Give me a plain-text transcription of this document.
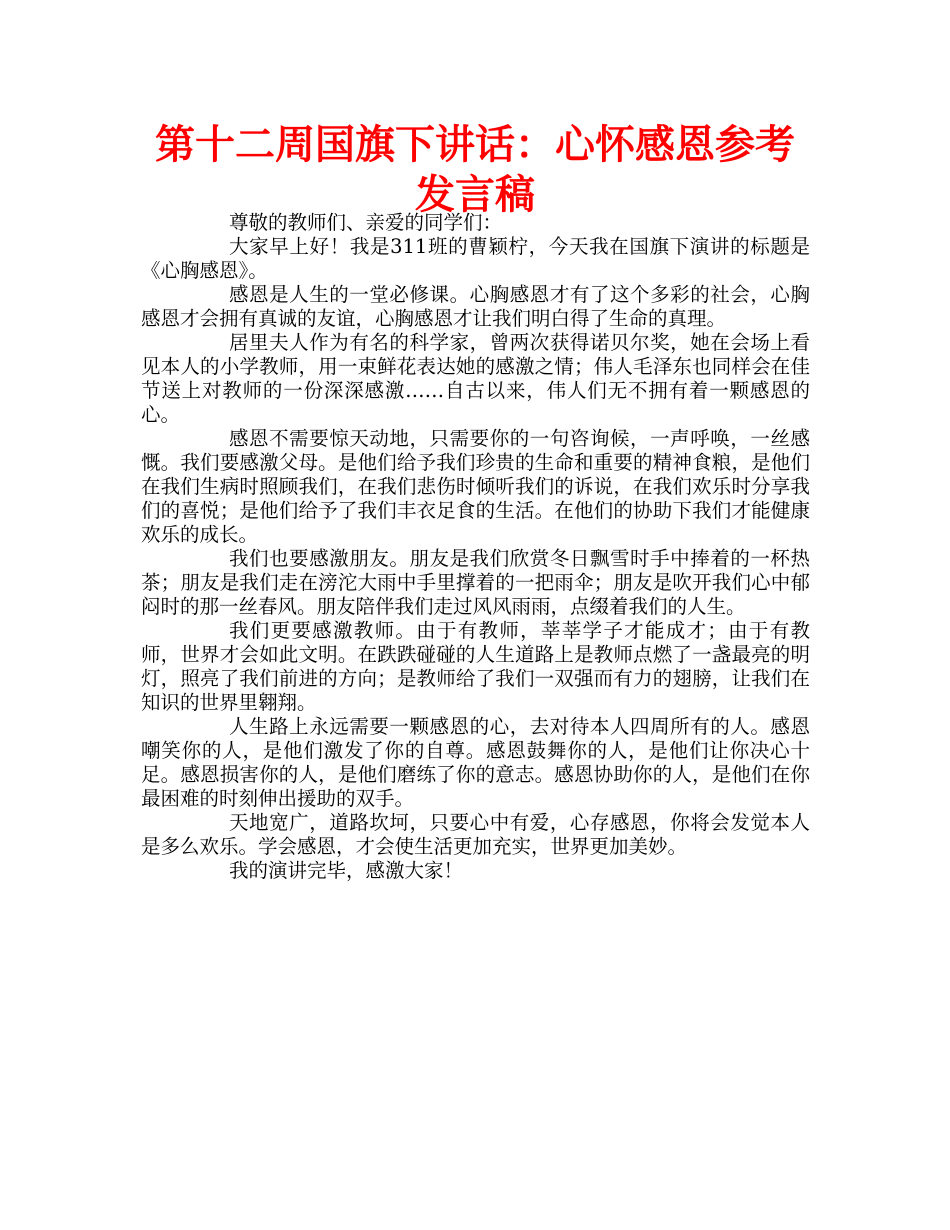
第十二周国旗下讲话：心怀感恩参考发言稿

尊敬的教师们、亲爱的同学们：

大家早上好！我是311班的曹颖柠，今天我在国旗下演讲的标题是《心胸感恩》。

感恩是人生的一堂必修课。心胸感恩才有了这个多彩的社会，心胸感恩才会拥有真诚的友谊，心胸感恩才让我们明白得了生命的真理。

居里夫人作为有名的科学家，曾两次获得诺贝尔奖，她在会场上看见本人的小学教师，用一束鲜花表达她的感激之情；伟人毛泽东也同样会在佳节送上对教师的一份深深感激……自古以来，伟人们无不拥有着一颗感恩的心。

感恩不需要惊天动地，只需要你的一句咨询候，一声呼唤，一丝感慨。我们要感激父母。是他们给予我们珍贵的生命和重要的精神食粮，是他们在我们生病时照顾我们，在我们悲伤时倾听我们的诉说，在我们欢乐时分享我们的喜悦；是他们给予了我们丰衣足食的生活。在他们的协助下我们才能健康欢乐的成长。

我们也要感激朋友。朋友是我们欣赏冬日飘雪时手中捧着的一杯热茶；朋友是我们走在滂沱大雨中手里撑着的一把雨伞；朋友是吹开我们心中郁闷时的那一丝春风。朋友陪伴我们走过风风雨雨，点缀着我们的人生。

我们更要感激教师。由于有教师，莘莘学子才能成才；由于有教师，世界才会如此文明。在跌跌碰碰的人生道路上是教师点燃了一盏最亮的明灯，照亮了我们前进的方向；是教师给了我们一双强而有力的翅膀，让我们在知识的世界里翱翔。

人生路上永远需要一颗感恩的心，去对待本人四周所有的人。感恩嘲笑你的人，是他们激发了你的自尊。感恩鼓舞你的人，是他们让你决心十足。感恩损害你的人，是他们磨练了你的意志。感恩协助你的人，是他们在你最困难的时刻伸出援助的双手。

天地宽广，道路坎坷，只要心中有爱，心存感恩，你将会发觉本人是多么欢乐。学会感恩，才会使生活更加充实，世界更加美妙。

我的演讲完毕，感激大家！
